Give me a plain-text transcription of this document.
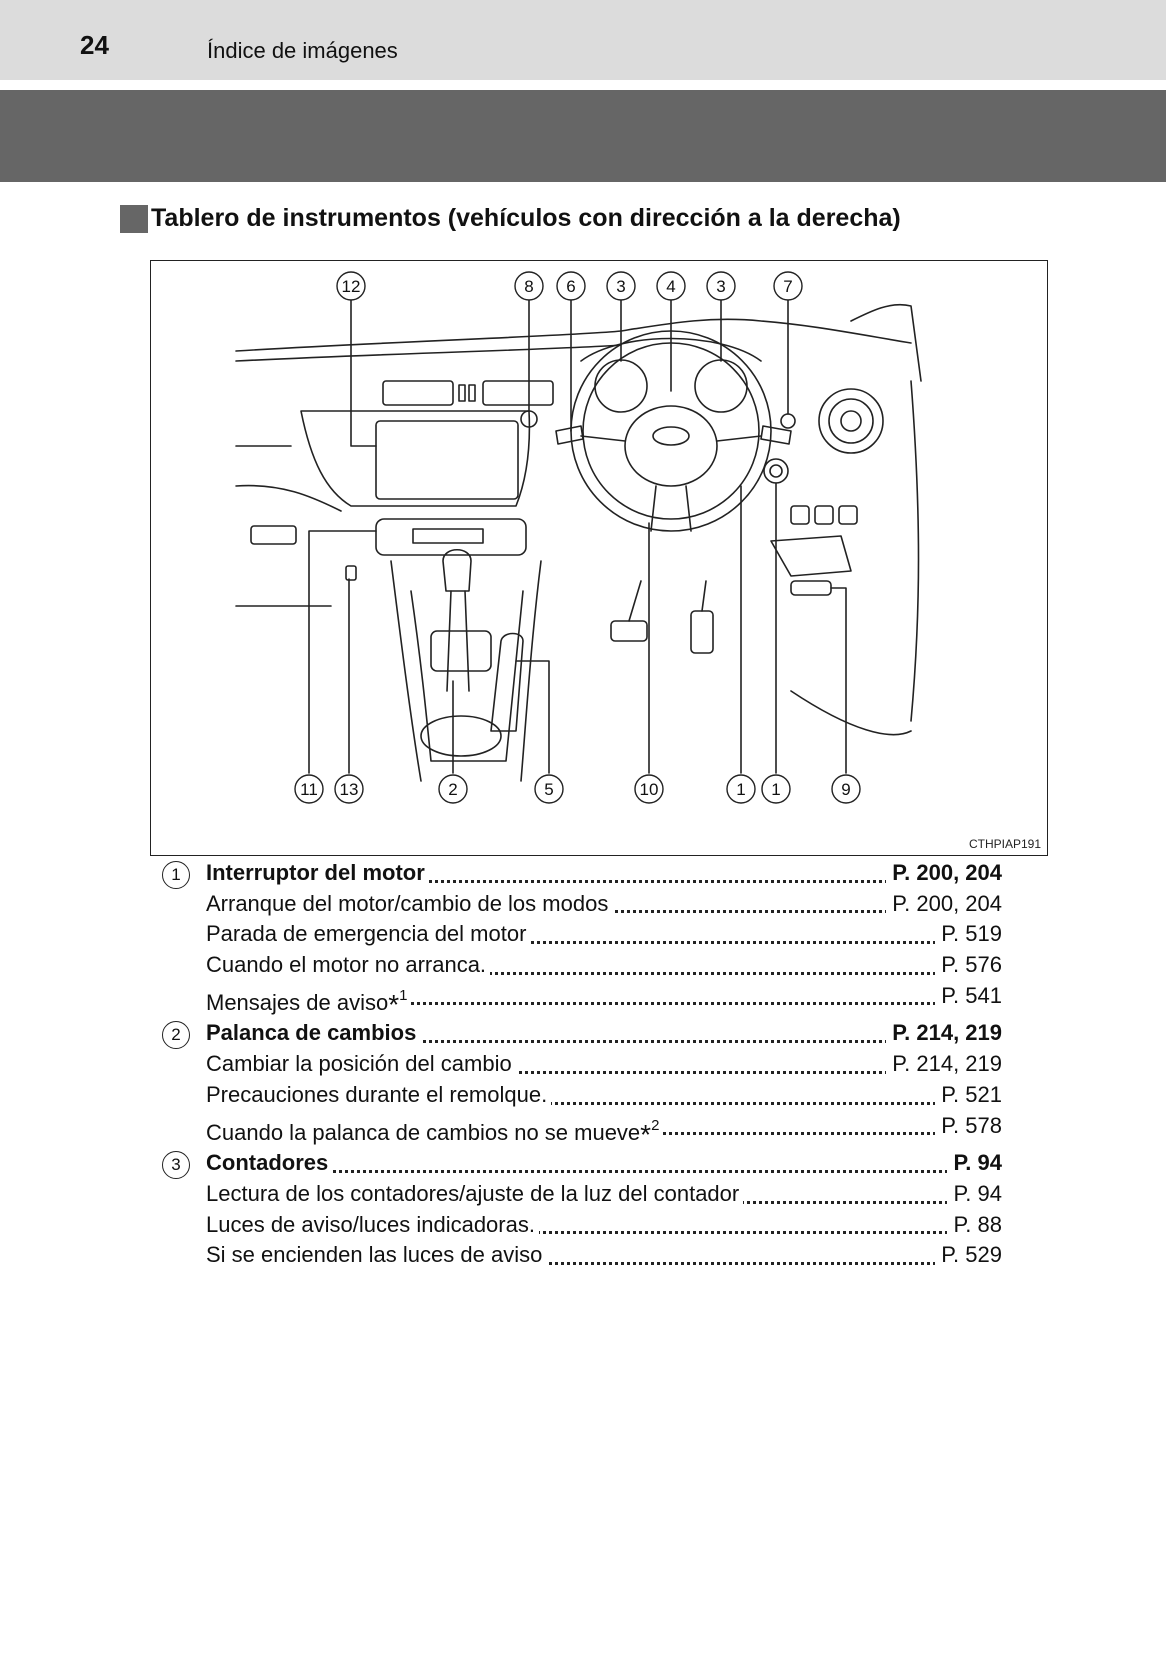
24	Índice de imágenes
Tablero de instrumentos (vehículos con dirección a la derecha)
12	8 6 3 4 3	7
11 13	2	5	10	1 1	9
CTHPIAP191
1	Interruptor del motor	P. 200, 204
Arranque del motor/cambio de los modos	P. 200, 204
Parada de emergencia del motor	P. 519
Cuando el motor no arranca.	P. 576
Mensajes de aviso*$^1$	P. 541
2	Palanca de cambios	P. 214, 219
Cambiar la posición del cambio	P. 214, 219
Precauciones durante el remolque.	P. 521
Cuando la palanca de cambios no se mueve*$^2$	P. 578
3	Contadores	P. 94
Lectura de los contadores/ajuste de la luz del contador	P. 94
Luces de aviso/luces indicadoras.	P. 88
Si se encienden las luces de aviso	P. 529
